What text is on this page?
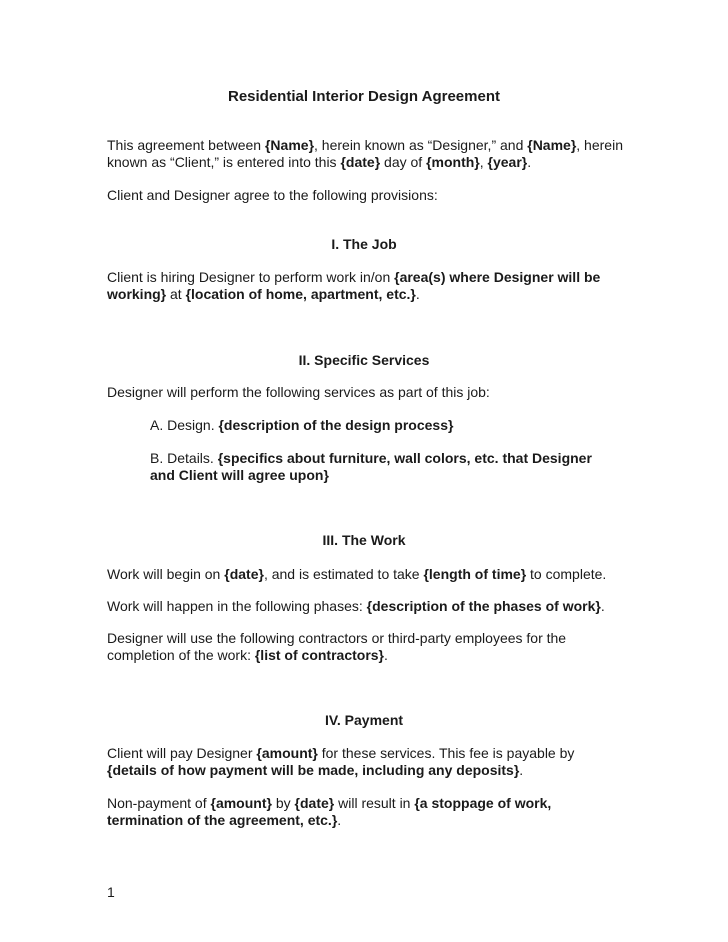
Residential Interior Design Agreement
This agreement between {Name}, herein known as “Designer,” and {Name}, herein known as “Client,” is entered into this {date} day of {month}, {year}.
Client and Designer agree to the following provisions:
I. The Job
Client is hiring Designer to perform work in/on {area(s) where Designer will be working} at {location of home, apartment, etc.}.
II. Specific Services
Designer will perform the following services as part of this job:
A. Design. {description of the design process}
B. Details. {specifics about furniture, wall colors, etc. that Designer and Client will agree upon}
III. The Work
Work will begin on {date}, and is estimated to take {length of time} to complete.
Work will happen in the following phases: {description of the phases of work}.
Designer will use the following contractors or third-party employees for the completion of the work: {list of contractors}.
IV. Payment
Client will pay Designer {amount} for these services. This fee is payable by {details of how payment will be made, including any deposits}.
Non-payment of {amount} by {date} will result in {a stoppage of work, termination of the agreement, etc.}.
1
